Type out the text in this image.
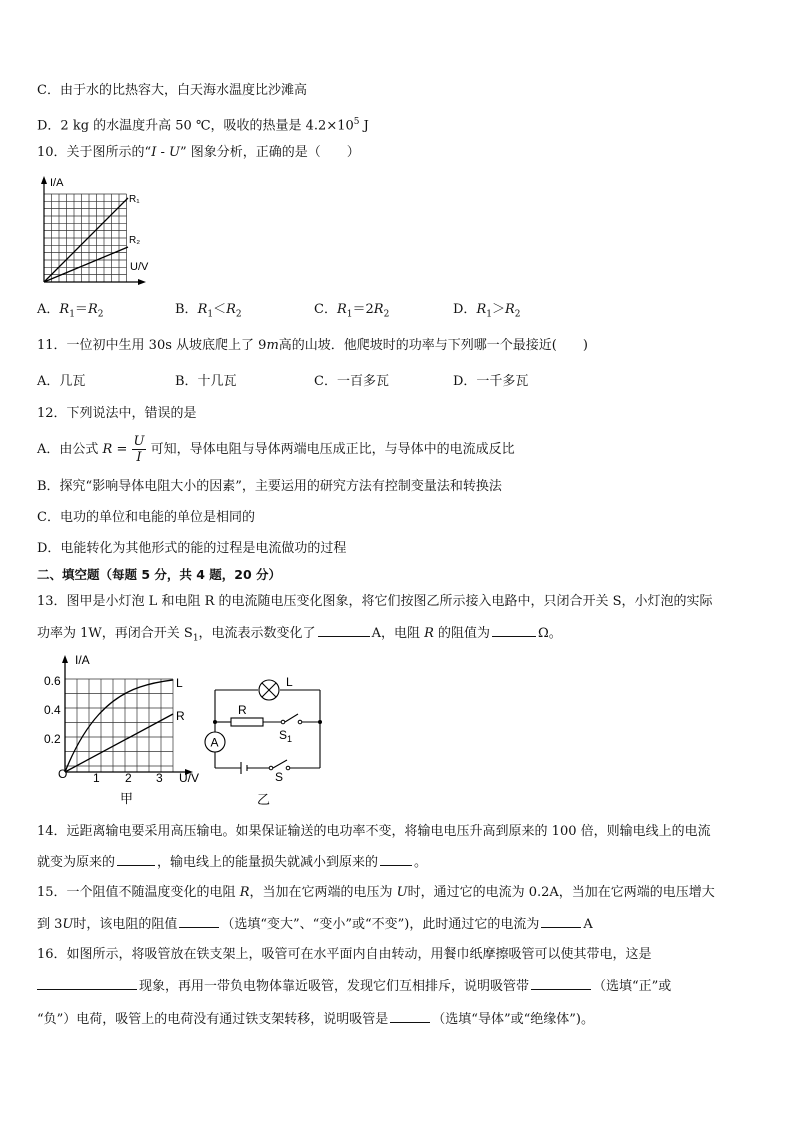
C．由于水的比热容大，白天海水温度比沙滩高
D．2 kg 的水温度升高 50 ℃，吸收的热量是 $4.2\times 10^5$ J
10．关于图所示的“I - U” 图象分析，正确的是（　　）
I/A
U/V
R₁
R₂
A．$R_1=R_2$	B．$R_1<R_2$	C．$R_1=2R_2$	D．$R_1>R_2$
11．一位初中生用 30s 从坡底爬上了 9m高的山坡．他爬坡时的功率与下列哪一个最接近(　　)
A．几瓦	B．十几瓦	C．一百多瓦	D．一千多瓦
12．下列说法中，错误的是
A．由公式 $R = \frac{U}{I}$ 可知，导体电阻与导体两端电压成正比，与导体中的电流成反比
B．探究“影响导体电阻大小的因素”，主要运用的研究方法有控制变量法和转换法
C．电功的单位和电能的单位是相同的
D．电能转化为其他形式的能的过程是电流做功的过程
二、填空题（每题 5 分，共 4 题，20 分）
13．图甲是小灯泡 L 和电阻 R 的电流随电压变化图象，将它们按图乙所示接入电路中，只闭合开关 S，小灯泡的实际
功率为 1W，再闭合开关 $S_1$，电流表示数变化了	A，电阻 R 的阻值为	Ω。
I/A
0.6
0.4
0.2
O 1 2 3 U/V
L
R
甲
A
L
R
$S_1$
S
乙
14．远距离输电要采用高压输电。如果保证输送的电功率不变，将输电电压升高到原来的 100 倍，则输电线上的电流
就变为原来的	，输电线上的能量损失就减小到原来的	。
15．一个阻值不随温度变化的电阻 R，当加在它两端的电压为 U时，通过它的电流为 0.2A，当加在它两端的电压增大
到 3U时，该电阻的阻值	（选填“变大”、“变小”或“不变”)，此时通过它的电流为	A
16．如图所示，将吸管放在铁支架上，吸管可在水平面内自由转动，用餐巾纸摩擦吸管可以使其带电，这是
现象，再用一带负电物体靠近吸管，发现它们互相排斥，说明吸管带	（选填“正”或
“负”）电荷，吸管上的电荷没有通过铁支架转移，说明吸管是	（选填“导体”或“绝缘体”)。
